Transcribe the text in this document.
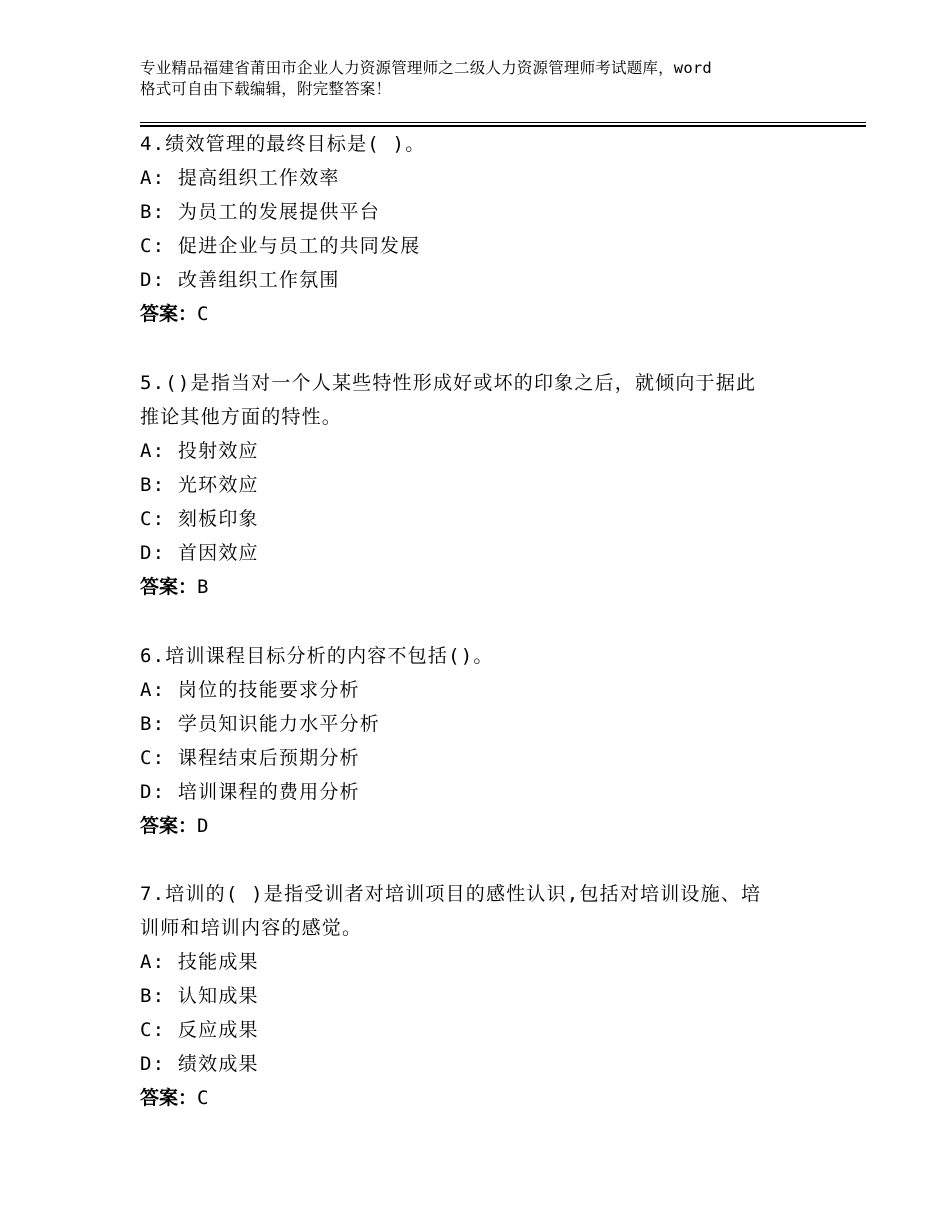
专业精品福建省莆田市企业人力资源管理师之二级人力资源管理师考试题库，word
格式可自由下载编辑，附完整答案！
4.绩效管理的最终目标是( )。
A: 提高组织工作效率
B: 为员工的发展提供平台
C: 促进企业与员工的共同发展
D: 改善组织工作氛围
答案：C
5.()是指当对一个人某些特性形成好或坏的印象之后，就倾向于据此
推论其他方面的特性。
A: 投射效应
B: 光环效应
C: 刻板印象
D: 首因效应
答案：B
6.培训课程目标分析的内容不包括()。
A: 岗位的技能要求分析
B: 学员知识能力水平分析
C: 课程结束后预期分析
D: 培训课程的费用分析
答案：D
7.培训的( )是指受训者对培训项目的感性认识,包括对培训设施、培
训师和培训内容的感觉。
A: 技能成果
B: 认知成果
C: 反应成果
D: 绩效成果
答案：C
